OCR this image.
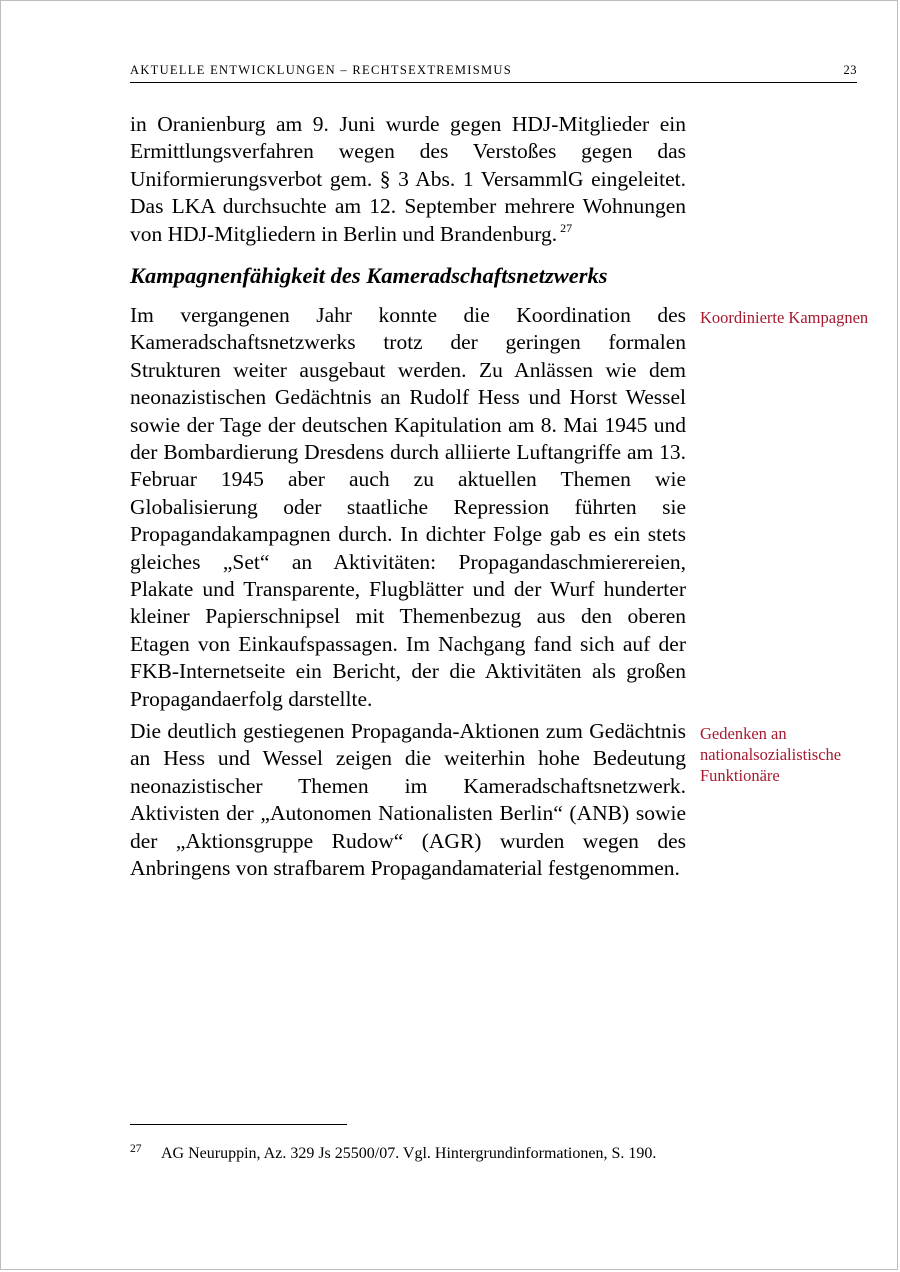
AKTUELLE ENTWICKLUNGEN – RECHTSEXTREMISMUS	23

in Oranienburg am 9. Juni wurde gegen HDJ-Mitglieder ein Ermittlungsverfahren wegen des Verstoßes gegen das Uniformierungsverbot gem. § 3 Abs. 1 VersammlG eingeleitet. Das LKA durchsuchte am 12. September mehrere Wohnungen von HDJ-Mitgliedern in Berlin und Brandenburg. $^{27}$

Kampagnenfähigkeit des Kameradschaftsnetzwerks

Im vergangenen Jahr konnte die Koordination des Kameradschaftsnetzwerks trotz der geringen formalen Strukturen weiter ausgebaut werden. Zu Anlässen wie dem neonazistischen Gedächtnis an Rudolf Hess und Horst Wessel sowie der Tage der deutschen Kapitulation am 8. Mai 1945 und der Bombardierung Dresdens durch alliierte Luftangriffe am 13. Februar 1945 aber auch zu aktuellen Themen wie Globalisierung oder staatliche Repression führten sie Propagandakampagnen durch. In dichter Folge gab es ein stets gleiches „Set“ an Aktivitäten: Propagandaschmierereien, Plakate und Transparente, Flugblätter und der Wurf hunderter kleiner Papierschnipsel mit Themenbezug aus den oberen Etagen von Einkaufspassagen. Im Nachgang fand sich auf der FKB-Internetseite ein Bericht, der die Aktivitäten als großen Propagandaerfolg darstellte.

Koordinierte Kampagnen

Die deutlich gestiegenen Propaganda-Aktionen zum Gedächtnis an Hess und Wessel zeigen die weiterhin hohe Bedeutung neonazistischer Themen im Kameradschaftsnetzwerk. Aktivisten der „Autonomen Nationalisten Berlin“ (ANB) sowie der „Aktionsgruppe Rudow“ (AGR) wurden wegen des Anbringens von strafbarem Propagandamaterial festgenommen.

Gedenken an nationalsozialistische Funktionäre
27 AG Neuruppin, Az. 329 Js 25500/07. Vgl. Hintergrundinformationen, S. 190.
